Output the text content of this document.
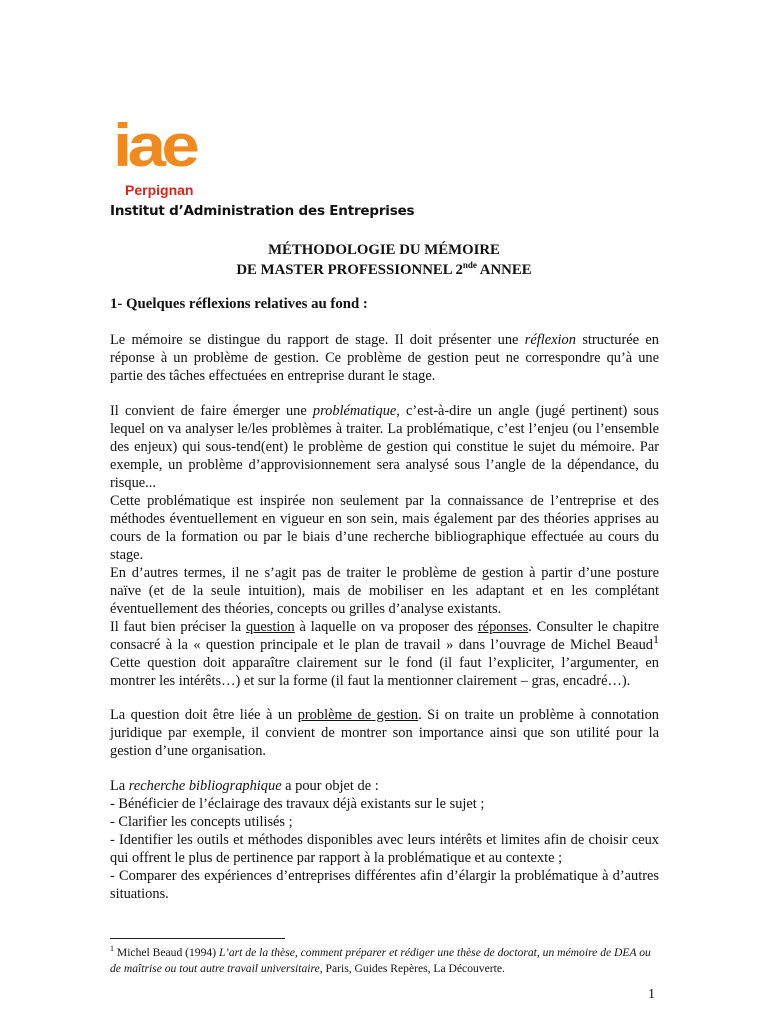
iae
Perpignan
Institut d’Administration des Entreprises
MÉTHODOLOGIE DU MÉMOIRE
DE MASTER PROFESSIONNEL 2nde ANNEE
1- Quelques réflexions relatives au fond :

Le mémoire se distingue du rapport de stage. Il doit présenter une réflexion structurée en réponse à un problème de gestion. Ce problème de gestion peut ne correspondre qu’à une partie des tâches effectuées en entreprise durant le stage.

Il convient de faire émerger une problématique, c’est-à-dire un angle (jugé pertinent) sous lequel on va analyser le/les problèmes à traiter. La problématique, c’est l’enjeu (ou l’ensemble des enjeux) qui sous-tend(ent) le problème de gestion qui constitue le sujet du mémoire. Par exemple, un problème d’approvisionnement sera analysé sous l’angle de la dépendance, du risque...

Cette problématique est inspirée non seulement par la connaissance de l’entreprise et des méthodes éventuellement en vigueur en son sein, mais également par des théories apprises au cours de la formation ou par le biais d’une recherche bibliographique effectuée au cours du stage.

En d’autres termes, il ne s’agit pas de traiter le problème de gestion à partir d’une posture naïve (et de la seule intuition), mais de mobiliser en les adaptant et en les complétant éventuellement des théories, concepts ou grilles d’analyse existants.

Il faut bien préciser la question à laquelle on va proposer des réponses. Consulter le chapitre consacré à la « question principale et le plan de travail » dans l’ouvrage de Michel Beaud$^1$ Cette question doit apparaître clairement sur le fond (il faut l’expliciter, l’argumenter, en montrer les intérêts…) et sur la forme (il faut la mentionner clairement – gras, encadré…).

La question doit être liée à un problème de gestion. Si on traite un problème à connotation juridique par exemple, il convient de montrer son importance ainsi que son utilité pour la gestion d’une organisation.

La recherche bibliographique a pour objet de :

- Bénéficier de l’éclairage des travaux déjà existants sur le sujet ;
- Clarifier les concepts utilisés ;
- Identifier les outils et méthodes disponibles avec leurs intérêts et limites afin de choisir ceux qui offrent le plus de pertinence par rapport à la problématique et au contexte ;
- Comparer des expériences d’entreprises différentes afin d’élargir la problématique à d’autres situations.
$^1$ Michel Beaud (1994) L’art de la thèse, comment préparer et rédiger une thèse de doctorat, un mémoire de DEA ou de maîtrise ou tout autre travail universitaire, Paris, Guides Repères, La Découverte.
1
